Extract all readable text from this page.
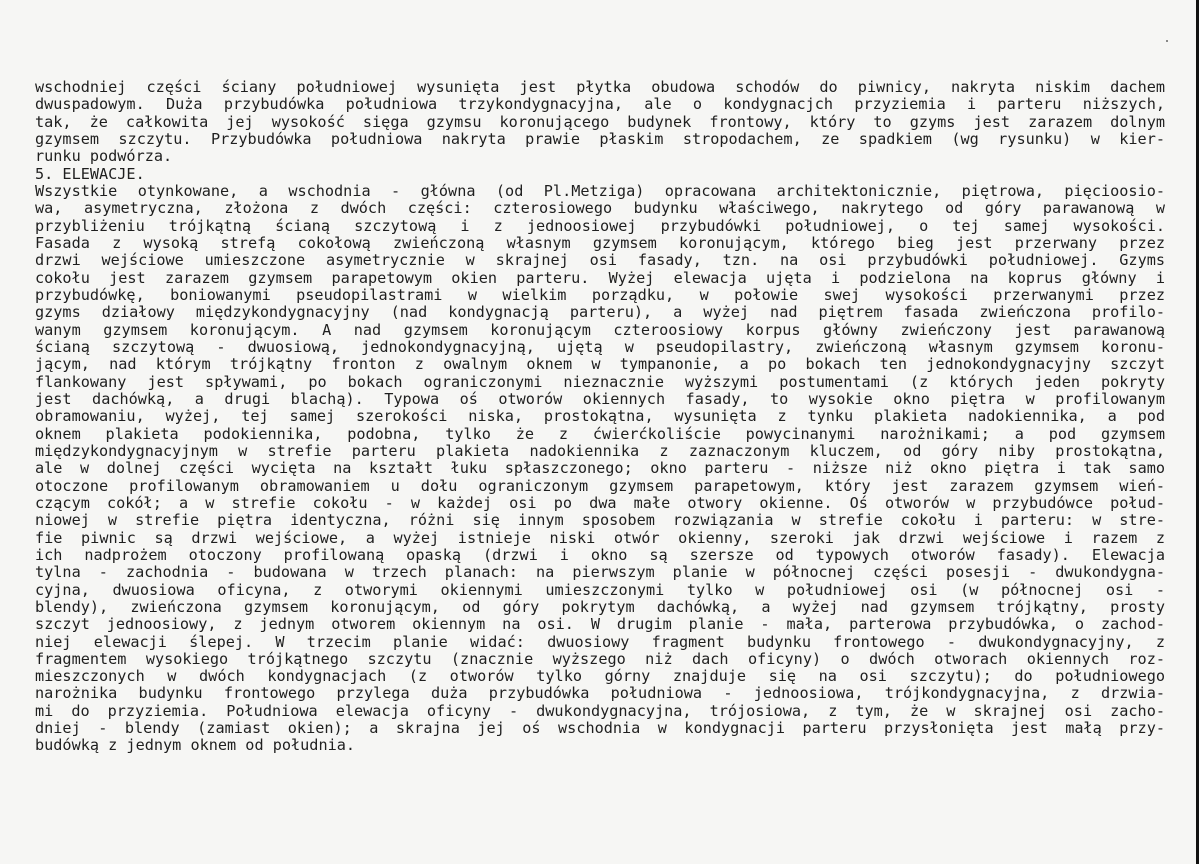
wschodniej części ściany południowej wysunięta jest płytka obudowa schodów do piwnicy, nakryta niskim dachem
dwuspadowym. Duża przybudówka południowa trzykondygnacyjna, ale o kondygnacjch przyziemia i parteru niższych,
tak, że całkowita jej wysokość sięga gzymsu koronującego budynek frontowy, który to gzyms jest zarazem dolnym
gzymsem szczytu. Przybudówka południowa nakryta prawie płaskim stropodachem, ze spadkiem (wg rysunku) w kier-
runku podwórza.
5. ELEWACJE.
Wszystkie otynkowane, a wschodnia - główna (od Pl.Metziga) opracowana architektonicznie, piętrowa, pięcioosio-
wa, asymetryczna, złożona z dwóch części: czterosiowego budynku właściwego, nakrytego od góry parawanową w
przybliżeniu trójkątną ścianą szczytową i z jednoosiowej przybudówki południowej, o tej samej wysokości.
Fasada z wysoką strefą cokołową zwieńczoną własnym gzymsem koronującym, którego bieg jest przerwany przez
drzwi wejściowe umieszczone asymetrycznie w skrajnej osi fasady, tzn. na osi przybudówki południowej. Gzyms
cokołu jest zarazem gzymsem parapetowym okien parteru. Wyżej elewacja ujęta i podzielona na koprus główny i
przybudówkę, boniowanymi pseudopilastrami w wielkim porządku, w połowie swej wysokości przerwanymi przez
gzyms działowy międzykondygnacyjny (nad kondygnacją parteru), a wyżej nad piętrem fasada zwieńczona profilo-
wanym gzymsem koronującym. A nad gzymsem koronującym czteroosiowy korpus główny zwieńczony jest parawanową
ścianą szczytową - dwuosiową, jednokondygnacyjną, ujętą w pseudopilastry, zwieńczoną własnym gzymsem koronu-
jącym, nad którym trójkątny fronton z owalnym oknem w tympanonie, a po bokach ten jednokondygnacyjny szczyt
flankowany jest spływami, po bokach ograniczonymi nieznacznie wyższymi postumentami (z których jeden pokryty
jest dachówką, a drugi blachą). Typowa oś otworów okiennych fasady, to wysokie okno piętra w profilowanym
obramowaniu, wyżej, tej samej szerokości niska, prostokątna, wysunięta z tynku plakieta nadokiennika, a pod
oknem plakieta podokiennika, podobna, tylko że z ćwierćkoliście powycinanymi narożnikami; a pod gzymsem
międzykondygnacyjnym w strefie parteru plakieta nadokiennika z zaznaczonym kluczem, od góry niby prostokątna,
ale w dolnej części wycięta na kształt łuku spłaszczonego; okno parteru - niższe niż okno piętra i tak samo
otoczone profilowanym obramowaniem u dołu ograniczonym gzymsem parapetowym, który jest zarazem gzymsem wień-
czącym cokół; a w strefie cokołu - w każdej osi po dwa małe otwory okienne. Oś otworów w przybudówce połud-
niowej w strefie piętra identyczna, różni się innym sposobem rozwiązania w strefie cokołu i parteru: w stre-
fie piwnic są drzwi wejściowe, a wyżej istnieje niski otwór okienny, szeroki jak drzwi wejściowe i razem z
ich nadprożem otoczony profilowaną opaską (drzwi i okno są szersze od typowych otworów fasady). Elewacja
tylna - zachodnia - budowana w trzech planach: na pierwszym planie w północnej części posesji - dwukondygna-
cyjna, dwuosiowa oficyna, z otworymi okiennymi umieszczonymi tylko w południowej osi (w północnej osi -
blendy), zwieńczona gzymsem koronującym, od góry pokrytym dachówką, a wyżej nad gzymsem trójkątny, prosty
szczyt jednoosiowy, z jednym otworem okiennym na osi. W drugim planie - mała, parterowa przybudówka, o zachod-
niej elewacji ślepej. W trzecim planie widać: dwuosiowy fragment budynku frontowego - dwukondygnacyjny, z
fragmentem wysokiego trójkątnego szczytu (znacznie wyższego niż dach oficyny) o dwóch otworach okiennych roz-
mieszczonych w dwóch kondygnacjach (z otworów tylko górny znajduje się na osi szczytu); do południowego
narożnika budynku frontowego przylega duża przybudówka południowa - jednoosiowa, trójkondygnacyjna, z drzwia-
mi do przyziemia. Południowa elewacja oficyny - dwukondygnacyjna, trójosiowa, z tym, że w skrajnej osi zacho-
dniej - blendy (zamiast okien); a skrajna jej oś wschodnia w kondygnacji parteru przysłonięta jest małą przy-
budówką z jednym oknem od południa.
